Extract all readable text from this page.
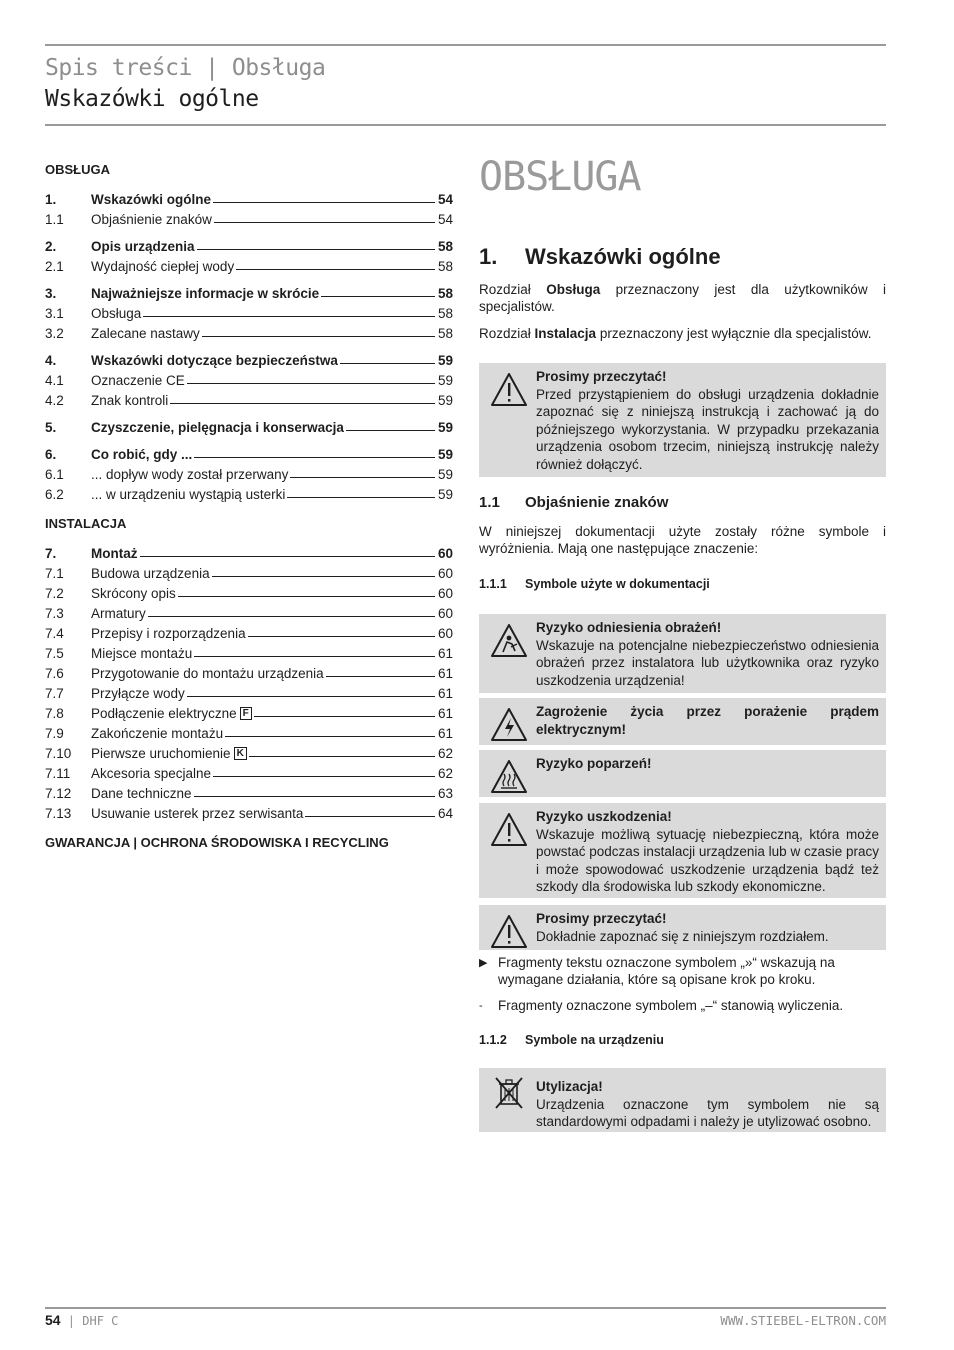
Spis treści | Obsługa
Wskazówki ogólne
OBSŁUGA
1.	Wskazówki ogólne	54
1.1	Objaśnienie znaków	54
2.	Opis urządzenia	58
2.1	Wydajność ciepłej wody	58
3.	Najważniejsze informacje w skrócie	58
3.1	Obsługa	58
3.2	Zalecane nastawy	58
4.	Wskazówki dotyczące bezpieczeństwa	59
4.1	Oznaczenie CE	59
4.2	Znak kontroli	59
5.	Czyszczenie, pielęgnacja i konserwacja	59
6.	Co robić, gdy ...	59
6.1	... dopływ wody został przerwany	59
6.2	... w urządzeniu wystąpią usterki	59
INSTALACJA
7.	Montaż	60
7.1	Budowa urządzenia	60
7.2	Skrócony opis	60
7.3	Armatury	60
7.4	Przepisy i rozporządzenia	60
7.5	Miejsce montażu	61
7.6	Przygotowanie do montażu urządzenia	61
7.7	Przyłącze wody	61
7.8	Podłączenie elektryczne F	61
7.9	Zakończenie montażu	61
7.10	Pierwsze uruchomienie K	62
7.11	Akcesoria specjalne	62
7.12	Dane techniczne	63
7.13	Usuwanie usterek przez serwisanta	64
GWARANCJA | OCHRONA ŚRODOWISKA I RECYCLING
OBSŁUGA
1. Wskazówki ogólne
Rozdział Obsługa przeznaczony jest dla użytkowników i specjalistów.
Rozdział Instalacja przeznaczony jest wyłącznie dla specjalistów.
Prosimy przeczytać!
Przed przystąpieniem do obsługi urządzenia dokładnie zapoznać się z niniejszą instrukcją i zachować ją do późniejszego wykorzystania. W przypadku przekazania urządzenia osobom trzecim, niniejszą instrukcję należy również dołączyć.
1.1 Objaśnienie znaków
W niniejszej dokumentacji użyte zostały różne symbole i wyróżnienia. Mają one następujące znaczenie:
1.1.1 Symbole użyte w dokumentacji
Ryzyko odniesienia obrażeń!
Wskazuje na potencjalne niebezpieczeństwo odniesienia obrażeń przez instalatora lub użytkownika oraz ryzyko uszkodzenia urządzenia!
Zagrożenie życia przez porażenie prądem elektrycznym!
Ryzyko poparzeń!
Ryzyko uszkodzenia!
Wskazuje możliwą sytuację niebezpieczną, która może powstać podczas instalacji urządzenia lub w czasie pracy i może spowodować uszkodzenie urządzenia bądź też szkody dla środowiska lub szkody ekonomiczne.
Prosimy przeczytać!
Dokładnie zapoznać się z niniejszym rozdziałem.
▶ Fragmenty tekstu oznaczone symbolem „»“ wskazują na wymagane działania, które są opisane krok po kroku.
-	Fragmenty oznaczone symbolem „–“ stanowią wyliczenia.
1.1.2 Symbole na urządzeniu
Utylizacja!
Urządzenia oznaczone tym symbolem nie są standardowymi odpadami i należy je utylizować osobno.
54 | DHF C	WWW.STIEBEL-ELTRON.COM
